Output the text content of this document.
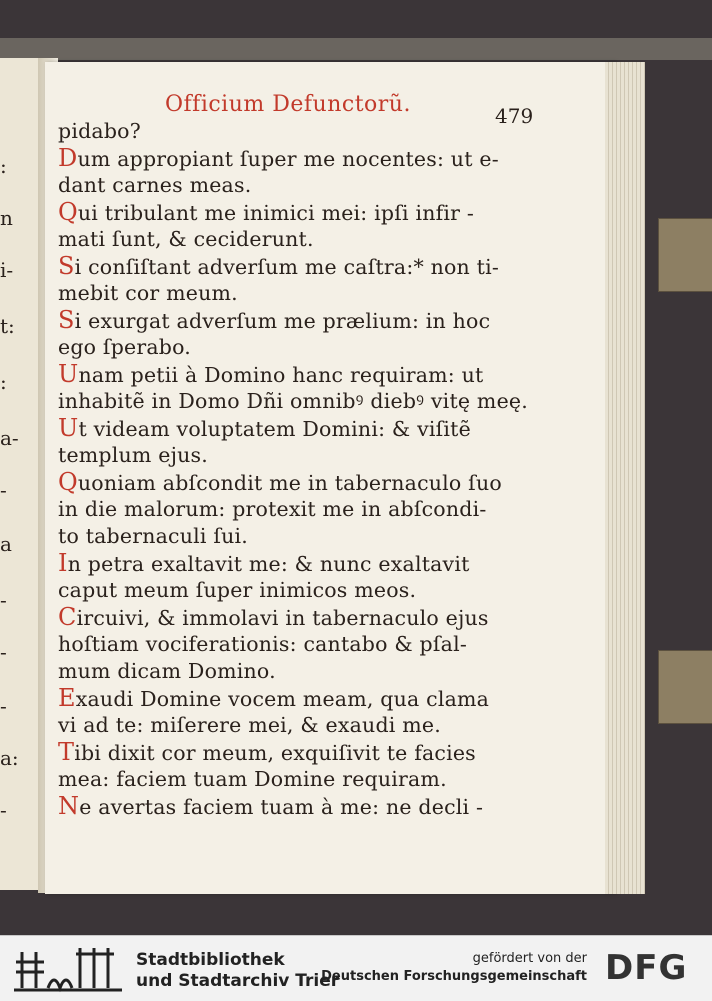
:
n
i-
t:
:
a-
-
a
-
-
-
a:
-
Officium Defunctorũ.	479
pidabo?
Dum appropiant ſuper me nocentes: ut e-
dant carnes meas.
Qui tribulant me inimici mei: ipſi infir -
mati ſunt, & ceciderunt.
Si conſiſtant adverſum me caſtra:* non ti-
mebit cor meum.
Si exurgat adverſum me prælium: in hoc
ego ſperabo.
Unam petii à Domino hanc requiram: ut
inhabitẽ in Domo Dñi omnibꝰ diebꝰ vitę meę.
Ut videam voluptatem Domini: & viſitẽ
templum ejus.
Quoniam abſcondit me in tabernaculo ſuo
in die malorum: protexit me in abſcondi-
to tabernaculi ſui.
In petra exaltavit me: & nunc exaltavit
caput meum ſuper inimicos meos.
Circuivi, & immolavi in tabernaculo ejus
hoſtiam vociferationis: cantabo & pſal-
mum dicam Domino.
Exaudi Domine vocem meam, qua clama
vi ad te: miſerere mei, & exaudi me.
Tibi dixit cor meum, exquiſivit te facies
mea: faciem tuam Domine requiram.
Ne avertas faciem tuam à me: ne decli -
Stadtbibliothek
und Stadtarchiv Trier
gefördert von der
Deutschen Forschungsgemeinschaft DFG
